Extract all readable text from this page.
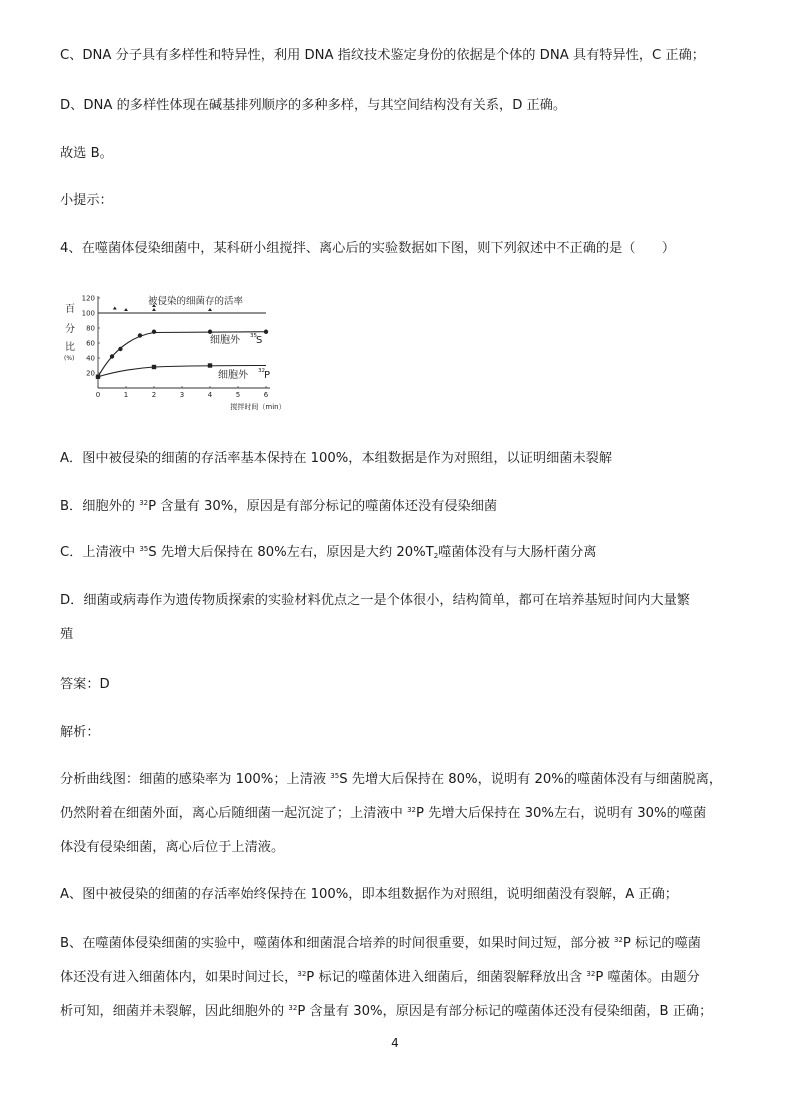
C、DNA 分子具有多样性和特异性，利用 DNA 指纹技术鉴定身份的依据是个体的 DNA 具有特异性，C 正确；
D、DNA 的多样性体现在碱基排列顺序的多种多样，与其空间结构没有关系，D 正确。
故选 B。
小提示：
4、在噬菌体侵染细菌中，某科研小组搅拌、离心后的实验数据如下图，则下列叙述中不正确的是（　　）
0	1	2	3	4	5	6
20
40
60
80
100
120
百
分
比
(%)
搅拌时间（min）
被侵染的细菌存的活率
细胞外 35 S
细胞外 32 P
A．图中被侵染的细菌的存活率基本保持在 100%，本组数据是作为对照组，以证明细菌未裂解
B．细胞外的 $^{32}$P 含量有 30%，原因是有部分标记的噬菌体还没有侵染细菌
C．上清液中 $^{35}$S 先增大后保持在 80%左右，原因是大约 $20\%T_2$噬菌体没有与大肠杆菌分离
D．细菌或病毒作为遗传物质探索的实验材料优点之一是个体很小，结构简单，都可在培养基短时间内大量繁
殖
答案：D
解析：
分析曲线图：细菌的感染率为 100%；上清液 $^{35}$S 先增大后保持在 80%，说明有 20%的噬菌体没有与细菌脱离，
仍然附着在细菌外面，离心后随细菌一起沉淀了；上清液中 $^{32}$P 先增大后保持在 30%左右，说明有 30%的噬菌
体没有侵染细菌，离心后位于上清液。
A、图中被侵染的细菌的存活率始终保持在 100%，即本组数据作为对照组，说明细菌没有裂解，A 正确；
B、在噬菌体侵染细菌的实验中，噬菌体和细菌混合培养的时间很重要，如果时间过短，部分被 $^{32}$P 标记的噬菌
体还没有进入细菌体内，如果时间过长，$^{32}$P 标记的噬菌体进入细菌后，细菌裂解释放出含 $^{32}$P 噬菌体。由题分
析可知，细菌并未裂解，因此细胞外的 $^{32}$P 含量有 30%，原因是有部分标记的噬菌体还没有侵染细菌，B 正确；
4
